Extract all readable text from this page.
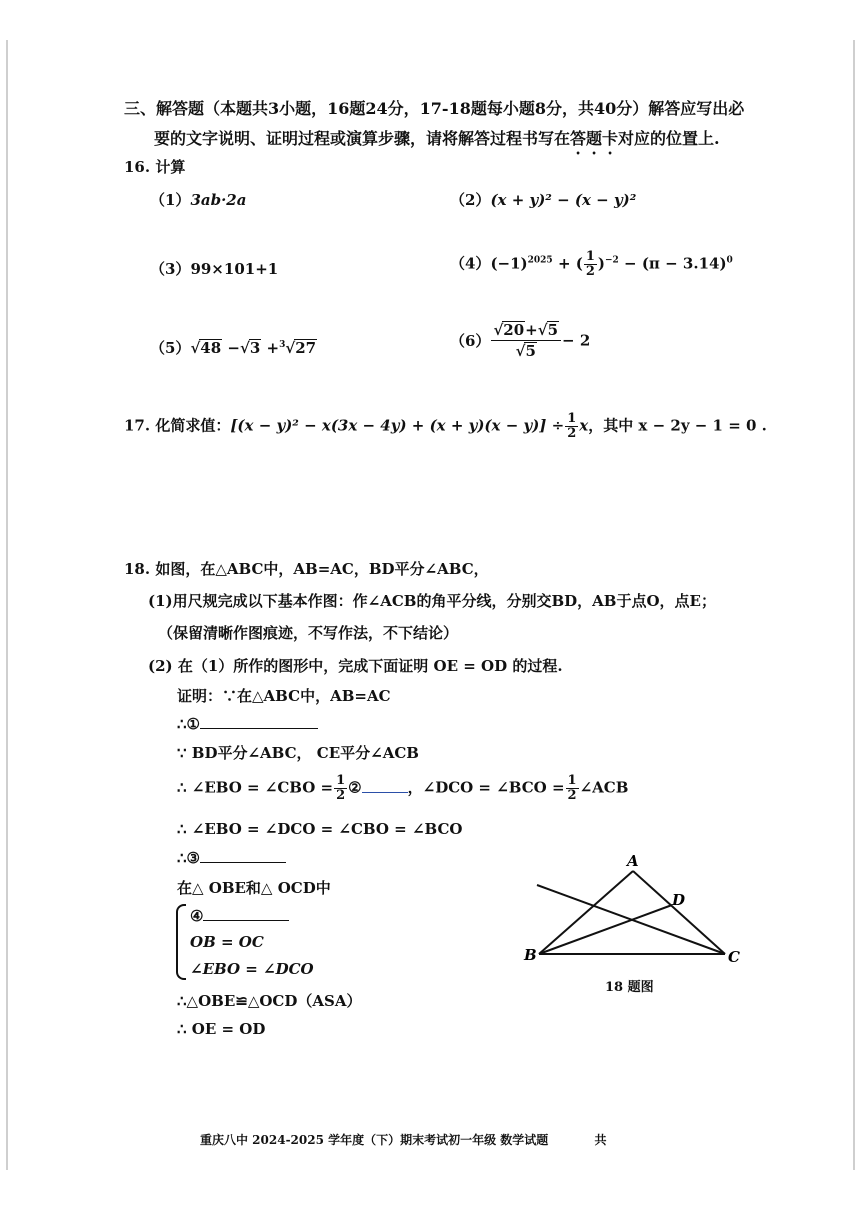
三、解答题（本题共3小题，16题24分，17-18题每小题8分，共40分）解答应写出必
要的文字说明、证明过程或演算步骤，请将解答过程书写在答题卡对应的位置上.
16. 计算
（1）3ab·2a	（2）(x + y)² − (x − y)²
（3）99×101+1	$(4)(-1)^{2025}$ + ( $\frac{1}{2} )^{-2} - (\pi - 3.14)^0$
（5）√48 −√3 +$^3$√27	$(6) \frac{√20+√5}{√5} - 2$
17. 化简求值：$[(x - y)^2 - x(3x - 4y) + (x + y)(x - y)] \div \frac{1}{2}$ x，其中 x − 2y − 1 = 0 .
18. 如图，在△ABC中，AB=AC，BD平分∠ABC，
(1)用尺规完成以下基本作图：作∠ACB的角平分线，分别交BD，AB于点O，点E；
（保留清晰作图痕迹，不写作法，不下结论）
(2) 在（1）所作的图形中，完成下面证明 OE = OD 的过程.
证明：∵在△ABC中，AB=AC
∴①
∵ BD平分∠ABC， CE平分∠ACB
∴ ∠EBO = ∠CBO = $\frac{1}{2}$ ②	，∠DCO = ∠BCO = $\frac{1}{2}$ ∠ACB
∴ ∠EBO = ∠DCO = ∠CBO = ∠BCO
∴③
在△ OBE和△ OCD中
④
OB = OC
∠EBO = ∠DCO
∴△OBE≌△OCD（ASA）
∴ OE = OD
A
D
B	C
18 题图
重庆八中 2024-2025 学年度（下）期末考试初一年级 数学试题	共
